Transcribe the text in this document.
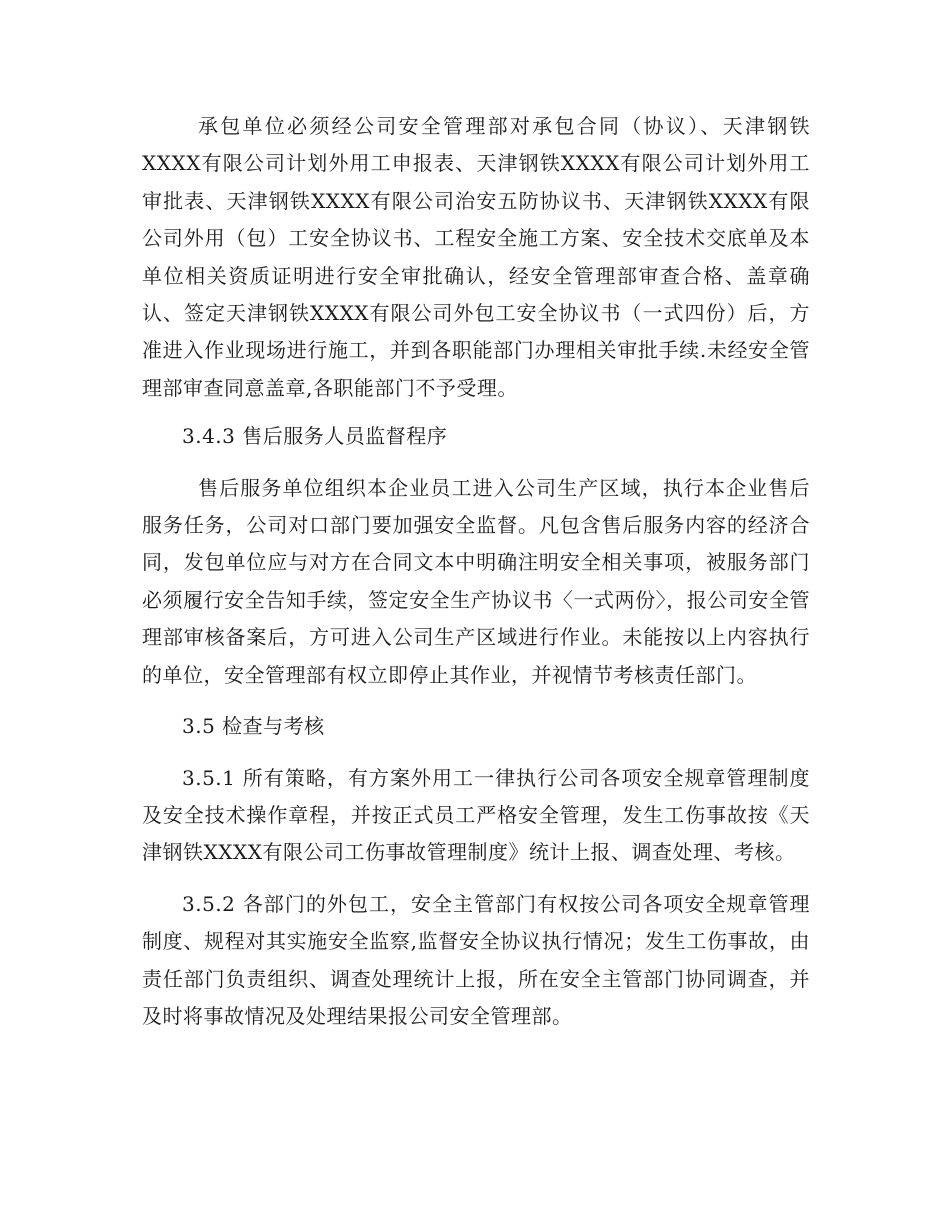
承包单位必须经公司安全管理部对承包合同（协议）、天津钢铁XXXX有限公司计划外用工申报表、天津钢铁XXXX有限公司计划外用工审批表、天津钢铁XXXX有限公司治安五防协议书、天津钢铁XXXX有限公司外用（包）工安全协议书、工程安全施工方案、安全技术交底单及本单位相关资质证明进行安全审批确认，经安全管理部审查合格、盖章确认、签定天津钢铁XXXX有限公司外包工安全协议书（一式四份）后，方准进入作业现场进行施工，并到各职能部门办理相关审批手续.未经安全管理部审查同意盖章,各职能部门不予受理。

3.4.3 售后服务人员监督程序

售后服务单位组织本企业员工进入公司生产区域，执行本企业售后服务任务，公司对口部门要加强安全监督。凡包含售后服务内容的经济合同，发包单位应与对方在合同文本中明确注明安全相关事项，被服务部门必须履行安全告知手续，签定安全生产协议书〈一式两份〉，报公司安全管理部审核备案后，方可进入公司生产区域进行作业。未能按以上内容执行的单位，安全管理部有权立即停止其作业，并视情节考核责任部门。

3.5 检查与考核

3.5.1 所有策略，有方案外用工一律执行公司各项安全规章管理制度及安全技术操作章程，并按正式员工严格安全管理，发生工伤事故按《天津钢铁XXXX有限公司工伤事故管理制度》统计上报、调查处理、考核。

3.5.2 各部门的外包工，安全主管部门有权按公司各项安全规章管理制度、规程对其实施安全监察,监督安全协议执行情况；发生工伤事故，由责任部门负责组织、调查处理统计上报，所在安全主管部门协同调查，并及时将事故情况及处理结果报公司安全管理部。
